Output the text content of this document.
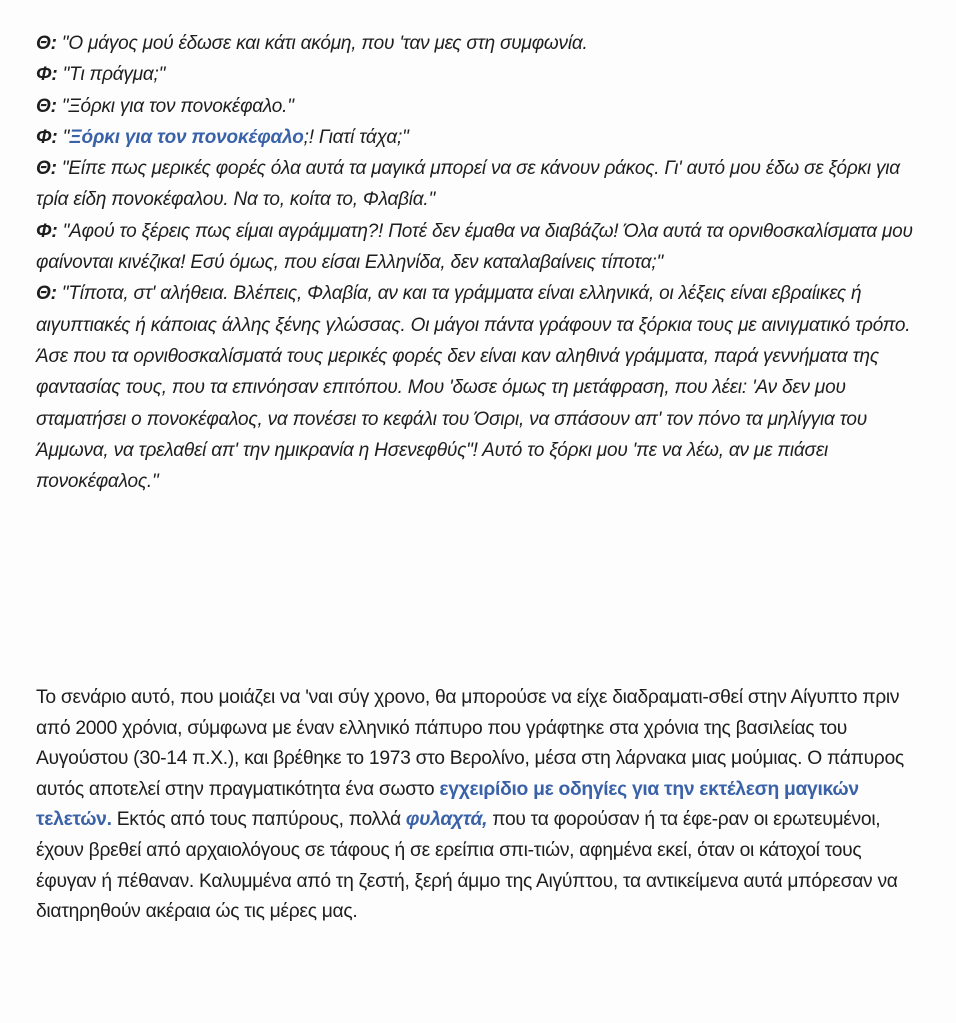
Θ: "Ο μάγος μού έδωσε και κάτι ακόμη, που 'ταν μες στη συμφωνία.

Φ: "Τι πράγμα;"

Θ: "Ξόρκι για τον πονοκέφαλο."

Φ: "Ξόρκι για τον πονοκέφαλο;! Γιατί τάχα;"

Θ: "Είπε πως μερικές φορές όλα αυτά τα μαγικά μπορεί να σε κάνουν ράκος. Γι' αυτό μου έδω σε ξόρκι για τρία είδη πονοκέφαλου. Να το, κοίτα το, Φλαβία."

Φ: "Αφού το ξέρεις πως είμαι αγράμματη?! Ποτέ δεν έμαθα να διαβάζω! Όλα αυτά τα ορνιθοσκαλίσματα μου φαίνονται κινέζικα! Εσύ όμως, που είσαι Ελληνίδα, δεν καταλαβαίνεις τίποτα;"

Θ: "Τίποτα, στ' αλήθεια. Βλέπεις, Φλαβία, αν και τα γράμματα είναι ελληνικά, οι λέξεις είναι εβραίικες ή αιγυπτιακές ή κάποιας άλλης ξένης γλώσσας. Οι μάγοι πάντα γράφουν τα ξόρκια τους με αινιγματικό τρόπο. Άσε που τα ορνιθοσκαλίσματά τους μερικές φορές δεν είναι καν αληθινά γράμματα, παρά γεννήματα της φαντασίας τους, που τα επινόησαν επιτόπου. Μου 'δωσε όμως τη μετάφραση, που λέει: 'Αν δεν μου σταματήσει ο πονοκέφαλος, να πονέσει το κεφάλι του Όσιρι, να σπάσουν απ' τον πόνο τα μηλίγγια του Άμμωνα, να τρελαθεί απ' την ημικρανία η Ησενεφθύς"! Αυτό το ξόρκι μου 'πε να λέω, αν με πιάσει πονοκέφαλος."

Το σενάριο αυτό, που μοιάζει να 'ναι σύγ χρονο, θα μπορούσε να είχε διαδραματι-σθεί στην Αίγυπτο πριν από 2000 χρόνια, σύμφωνα με έναν ελληνικό πάπυρο που γράφτηκε στα χρόνια της βασιλείας του Αυγούστου (30-14 π.Χ.), και βρέθηκε το 1973 στο Βερολίνο, μέσα στη λάρνακα μιας μούμιας. Ο πάπυρος αυτός αποτελεί στην πραγματικότητα ένα σωστο εγχειρίδιο με οδηγίες για την εκτέλεση μαγικών τελετών. Εκτός από τους παπύρους, πολλά φυλαχτά, που τα φορούσαν ή τα έφε-ραν οι ερωτευμένοι, έχουν βρεθεί από αρχαιολόγους σε τάφους ή σε ερείπια σπι-τιών, αφημένα εκεί, όταν οι κάτοχοί τους έφυγαν ή πέθαναν. Καλυμμένα από τη ζεστή, ξερή άμμο της Αιγύπτου, τα αντικείμενα αυτά μπόρεσαν να διατηρηθούν ακέραια ώς τις μέρες μας.
